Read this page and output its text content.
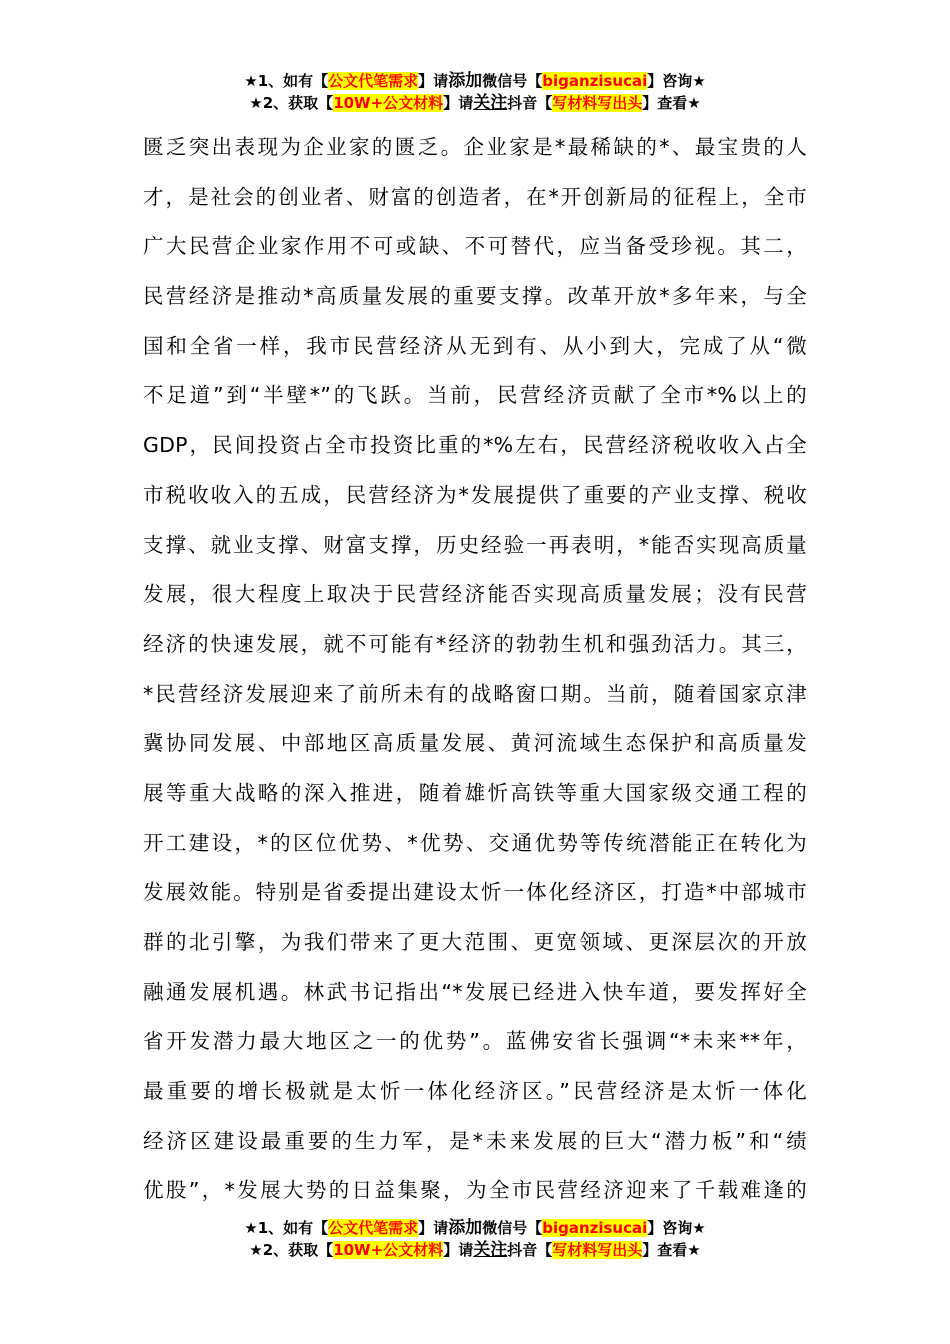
★1、如有【公文代笔需求】请添加微信号【biganzisucai】咨询★
★2、获取【10W+公文材料】请关注抖音【写材料写出头】查看★
匮乏突出表现为企业家的匮乏。企业家是*最稀缺的*、最宝贵的人
才，是社会的创业者、财富的创造者，在*开创新局的征程上，全市
广大民营企业家作用不可或缺、不可替代，应当备受珍视。其二，
民营经济是推动*高质量发展的重要支撑。改革开放*多年来，与全
国和全省一样，我市民营经济从无到有、从小到大，完成了从“微
不足道”到“半壁*”的飞跃。当前，民营经济贡献了全市*%以上的
GDP，民间投资占全市投资比重的*%左右，民营经济税收收入占全
市税收收入的五成，民营经济为*发展提供了重要的产业支撑、税收
支撑、就业支撑、财富支撑，历史经验一再表明，*能否实现高质量
发展，很大程度上取决于民营经济能否实现高质量发展；没有民营
经济的快速发展，就不可能有*经济的勃勃生机和强劲活力。其三，
*民营经济发展迎来了前所未有的战略窗口期。当前，随着国家京津
冀协同发展、中部地区高质量发展、黄河流域生态保护和高质量发
展等重大战略的深入推进，随着雄忻高铁等重大国家级交通工程的
开工建设，*的区位优势、*优势、交通优势等传统潜能正在转化为
发展效能。特别是省委提出建设太忻一体化经济区，打造*中部城市
群的北引擎，为我们带来了更大范围、更宽领域、更深层次的开放
融通发展机遇。林武书记指出“*发展已经进入快车道，要发挥好全
省开发潜力最大地区之一的优势”。蓝佛安省长强调“*未来**年，
最重要的增长极就是太忻一体化经济区。”民营经济是太忻一体化
经济区建设最重要的生力军，是*未来发展的巨大“潜力板”和“绩
优股”，*发展大势的日益集聚，为全市民营经济迎来了千载难逢的
★1、如有【公文代笔需求】请添加微信号【biganzisucai】咨询★
★2、获取【10W+公文材料】请关注抖音【写材料写出头】查看★
